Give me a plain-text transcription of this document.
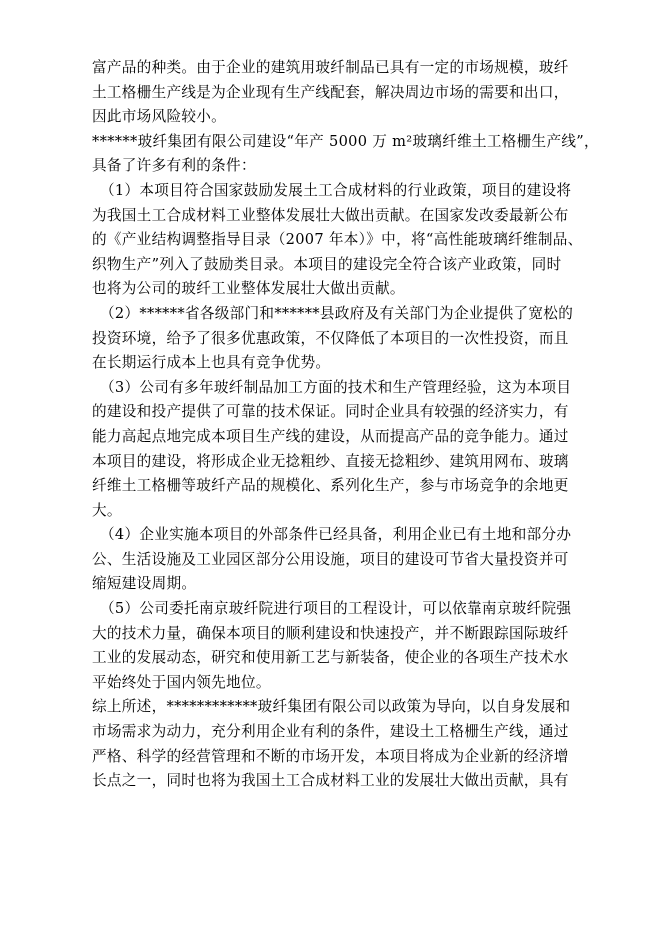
富产品的种类。由于企业的建筑用玻纤制品已具有一定的市场规模，玻纤
土工格栅生产线是为企业现有生产线配套，解决周边市场的需要和出口，
因此市场风险较小。
******玻纤集团有限公司建设“年产 5000 万 m²玻璃纤维土工格栅生产线”，
具备了许多有利的条件：
（1）本项目符合国家鼓励发展土工合成材料的行业政策，项目的建设将
为我国土工合成材料工业整体发展壮大做出贡献。在国家发改委最新公布
的《产业结构调整指导目录（2007 年本）》中，将“高性能玻璃纤维制品、
织物生产”列入了鼓励类目录。本项目的建设完全符合该产业政策，同时
也将为公司的玻纤工业整体发展壮大做出贡献。
（2）******省各级部门和******县政府及有关部门为企业提供了宽松的
投资环境，给予了很多优惠政策，不仅降低了本项目的一次性投资，而且
在长期运行成本上也具有竞争优势。
（3）公司有多年玻纤制品加工方面的技术和生产管理经验，这为本项目
的建设和投产提供了可靠的技术保证。同时企业具有较强的经济实力，有
能力高起点地完成本项目生产线的建设，从而提高产品的竞争能力。通过
本项目的建设，将形成企业无捻粗纱、直接无捻粗纱、建筑用网布、玻璃
纤维土工格栅等玻纤产品的规模化、系列化生产，参与市场竞争的余地更
大。
（4）企业实施本项目的外部条件已经具备，利用企业已有土地和部分办
公、生活设施及工业园区部分公用设施，项目的建设可节省大量投资并可
缩短建设周期。
（5）公司委托南京玻纤院进行项目的工程设计，可以依靠南京玻纤院强
大的技术力量，确保本项目的顺利建设和快速投产，并不断跟踪国际玻纤
工业的发展动态，研究和使用新工艺与新装备，使企业的各项生产技术水
平始终处于国内领先地位。
综上所述，************玻纤集团有限公司以政策为导向，以自身发展和
市场需求为动力，充分利用企业有利的条件，建设土工格栅生产线，通过
严格、科学的经营管理和不断的市场开发，本项目将成为企业新的经济增
长点之一，同时也将为我国土工合成材料工业的发展壮大做出贡献，具有
